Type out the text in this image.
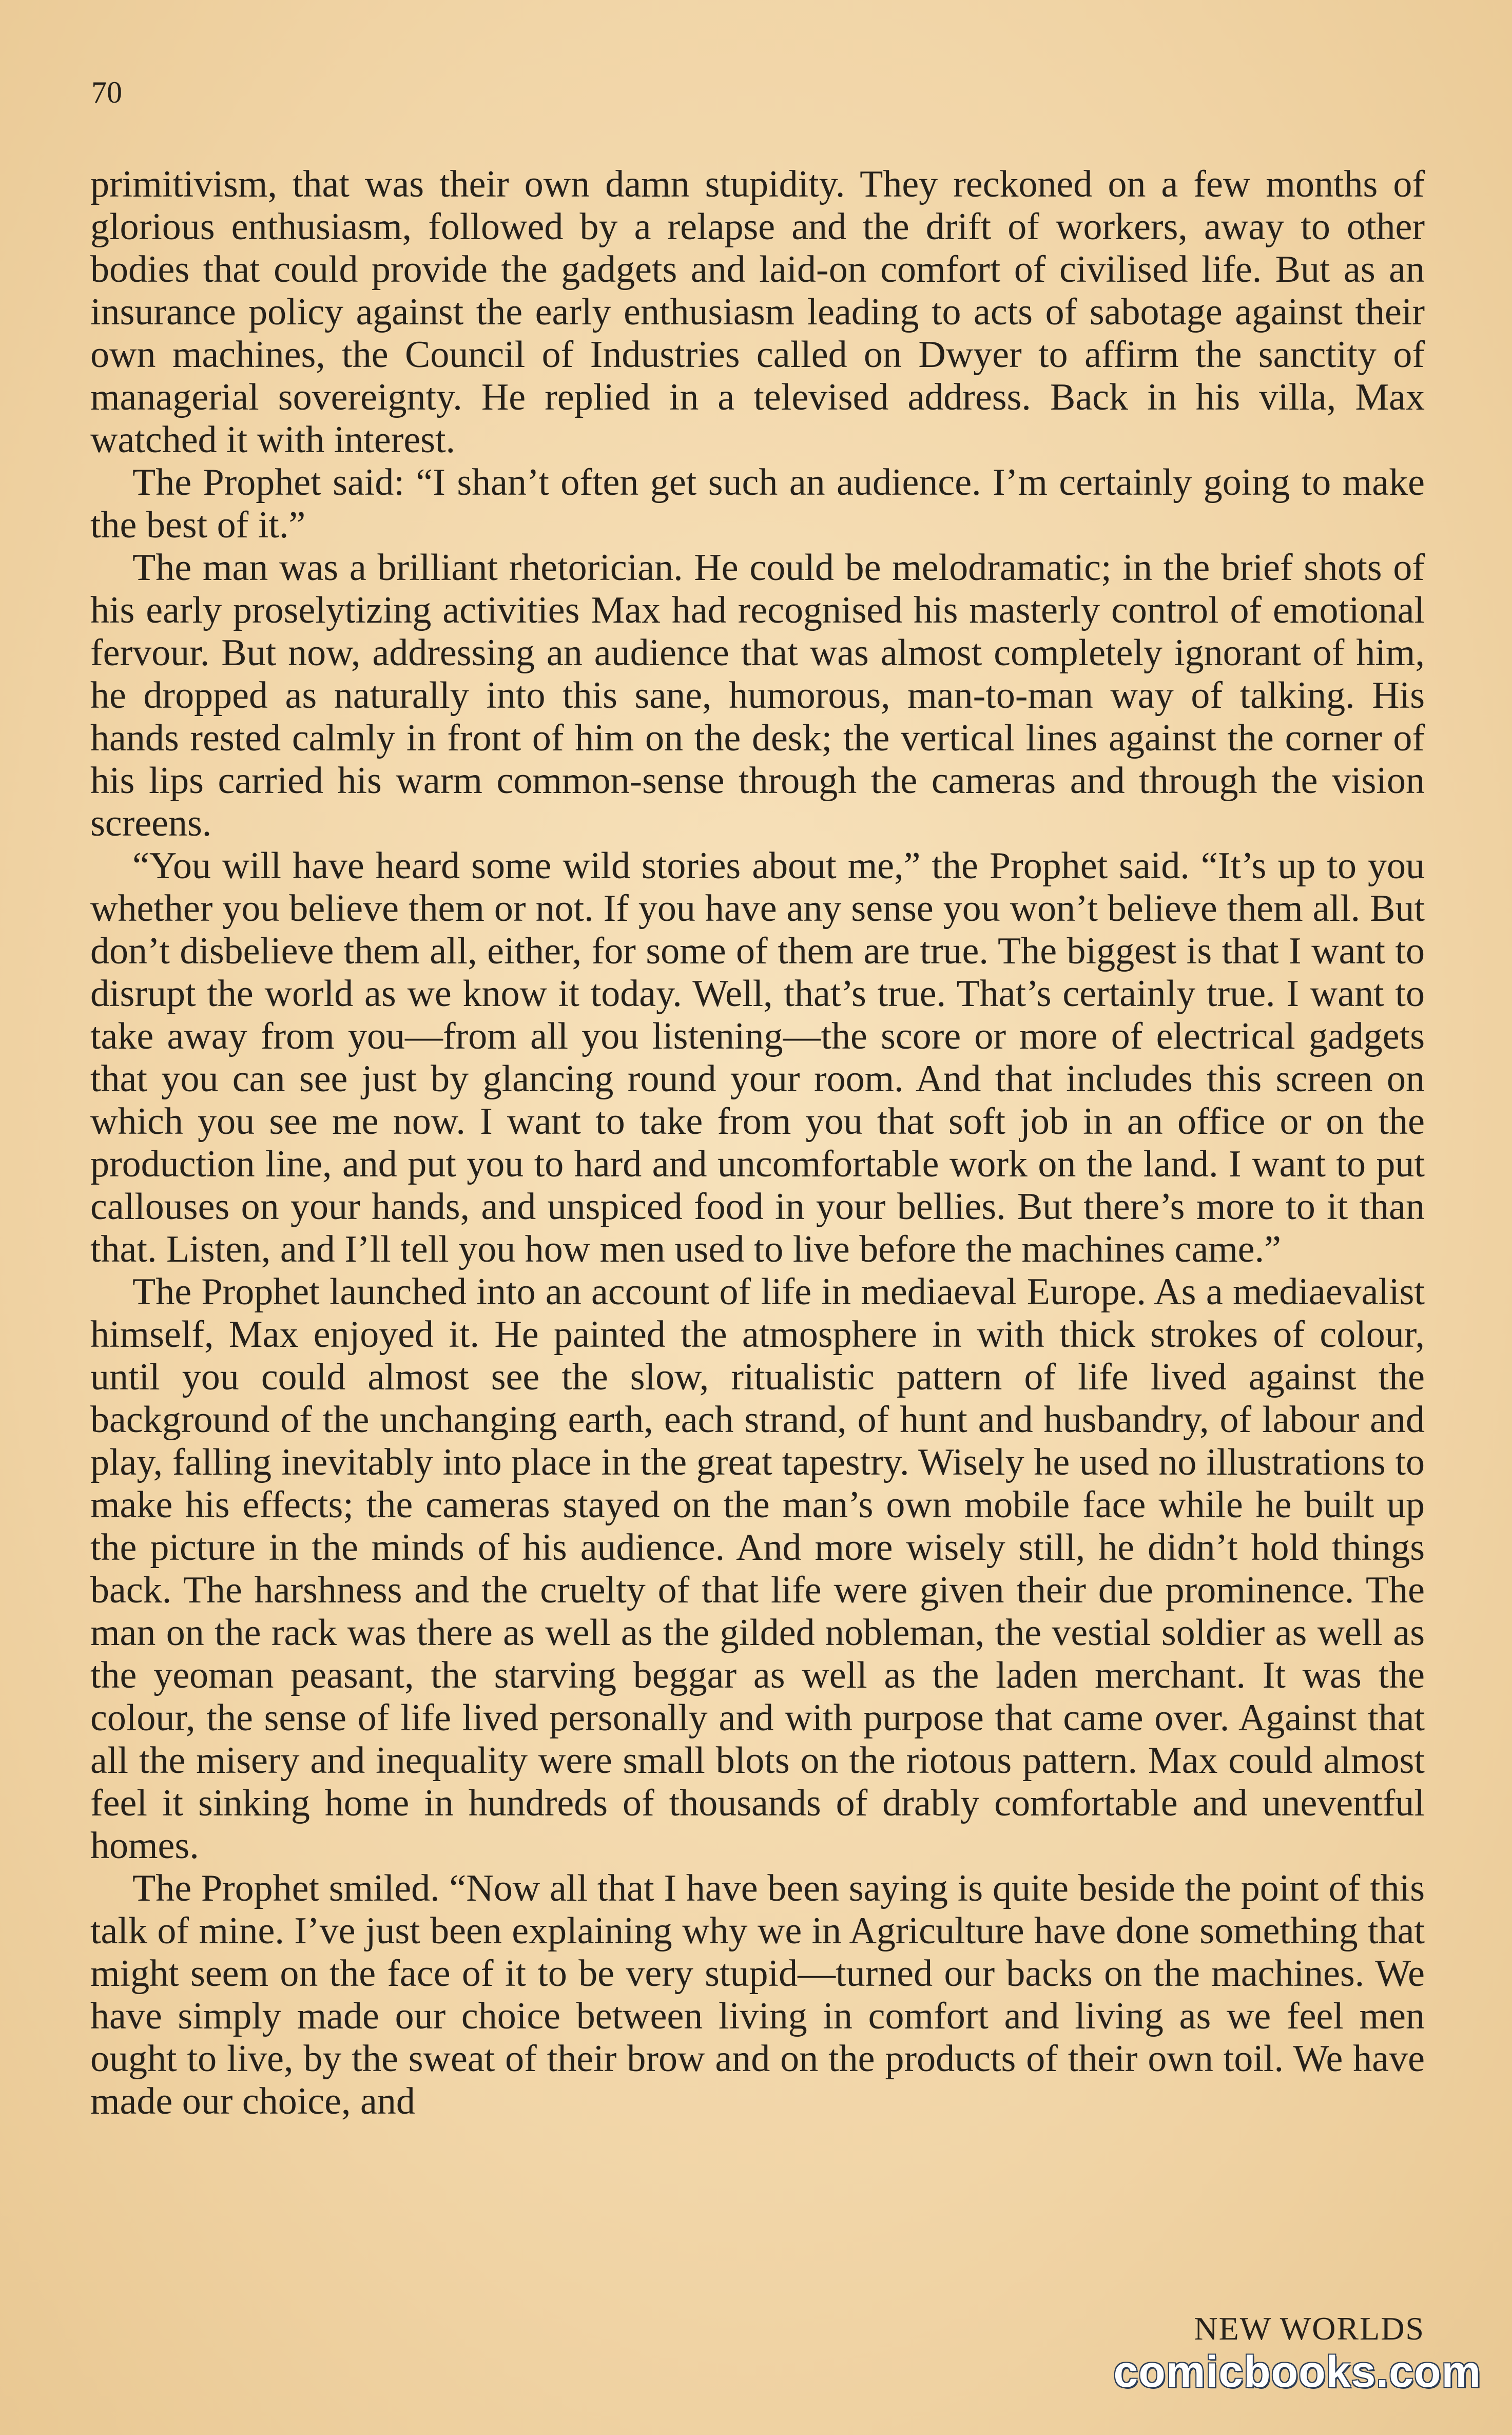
70

primitivism, that was their own damn stupidity. They reckoned on a few months of glorious enthusiasm, followed by a relapse and the drift of workers, away to other bodies that could provide the gadgets and laid-on comfort of civilised life. But as an insurance policy against the early enthusiasm leading to acts of sabotage against their own machines, the Council of Industries called on Dwyer to affirm the sanctity of managerial sovereignty. He replied in a televised address. Back in his villa, Max watched it with interest.

The Prophet said: “I shan’t often get such an audience. I’m certainly going to make the best of it.”

The man was a brilliant rhetorician. He could be melodramatic; in the brief shots of his early proselytizing activities Max had recognised his masterly control of emotional fervour. But now, addressing an audience that was almost completely ignorant of him, he dropped as naturally into this sane, humorous, man-to-man way of talking. His hands rested calmly in front of him on the desk; the vertical lines against the corner of his lips carried his warm common-sense through the cameras and through the vision screens.

“You will have heard some wild stories about me,” the Prophet said. “It’s up to you whether you believe them or not. If you have any sense you won’t believe them all. But don’t disbelieve them all, either, for some of them are true. The biggest is that I want to disrupt the world as we know it today. Well, that’s true. That’s certainly true. I want to take away from you—from all you listening—the score or more of electrical gadgets that you can see just by glancing round your room. And that includes this screen on which you see me now. I want to take from you that soft job in an office or on the production line, and put you to hard and uncomfortable work on the land. I want to put callouses on your hands, and unspiced food in your bellies. But there’s more to it than that. Listen, and I’ll tell you how men used to live before the machines came.”

The Prophet launched into an account of life in mediaeval Europe. As a mediaevalist himself, Max enjoyed it. He painted the atmosphere in with thick strokes of colour, until you could almost see the slow, ritualistic pattern of life lived against the background of the unchanging earth, each strand, of hunt and husbandry, of labour and play, falling inevitably into place in the great tapestry. Wisely he used no illustrations to make his effects; the cameras stayed on the man’s own mobile face while he built up the picture in the minds of his audience. And more wisely still, he didn’t hold things back. The harshness and the cruelty of that life were given their due prominence. The man on the rack was there as well as the gilded nobleman, the vestial soldier as well as the yeoman peasant, the starving beggar as well as the laden merchant. It was the colour, the sense of life lived personally and with purpose that came over. Against that all the misery and inequality were small blots on the riotous pattern. Max could almost feel it sinking home in hundreds of thousands of drably comfortable and uneventful homes.

The Prophet smiled. “Now all that I have been saying is quite beside the point of this talk of mine. I’ve just been explaining why we in Agriculture have done something that might seem on the face of it to be very stupid—turned our backs on the machines. We have simply made our choice between living in comfort and living as we feel men ought to live, by the sweat of their brow and on the products of their own toil. We have made our choice, and

NEW WORLDS
comicbooks.com
